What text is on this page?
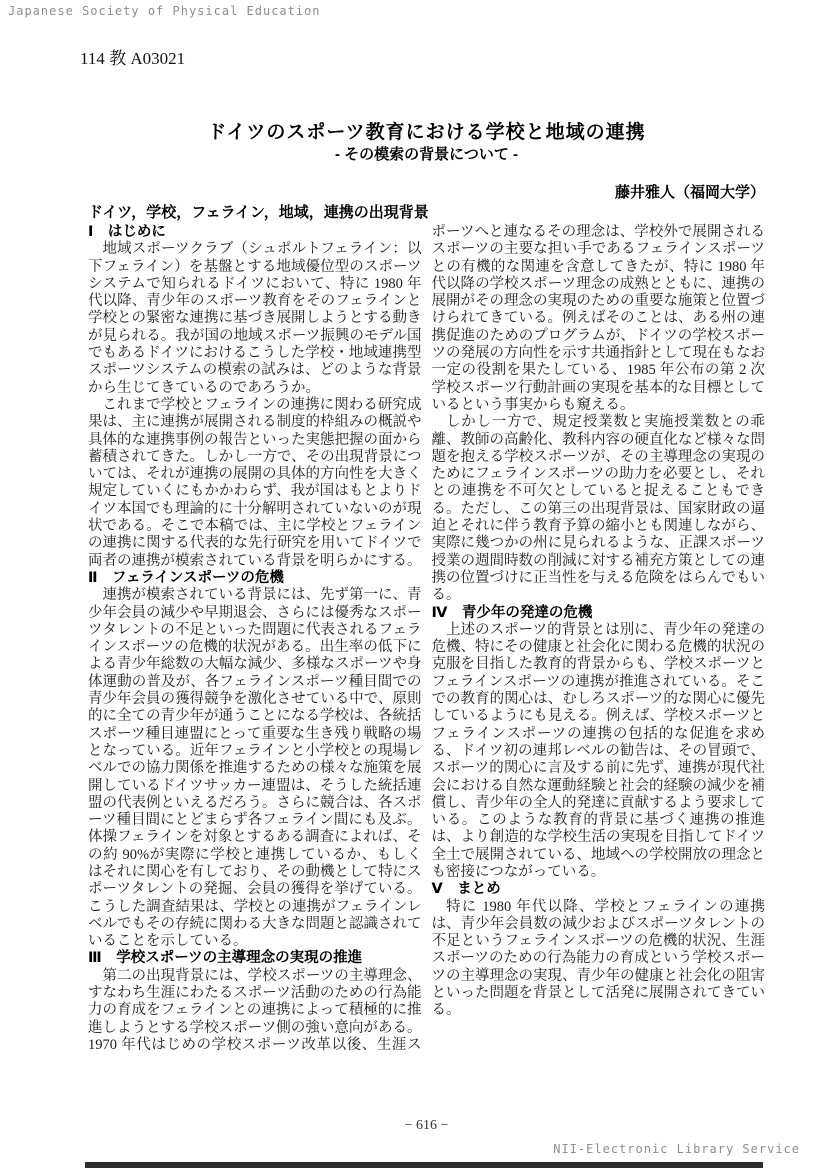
Japanese Society of Physical Education
114 教 A03021
ドイツのスポーツ教育における学校と地域の連携
- その模索の背景について -
藤井雅人（福岡大学）
ドイツ，学校，フェライン，地域，連携の出現背景
Ⅰ　はじめに

地域スポーツクラブ（シュポルトフェライン：以下フェライン）を基盤とする地域優位型のスポーツシステムで知られるドイツにおいて、特に 1980 年代以降、青少年のスポーツ教育をそのフェラインと学校との緊密な連携に基づき展開しようとする動きが見られる。我が国の地域スポーツ振興のモデル国でもあるドイツにおけるこうした学校・地域連携型スポーツシステムの模索の試みは、どのような背景から生じてきているのであろうか。

これまで学校とフェラインの連携に関わる研究成果は、主に連携が展開される制度的枠組みの概説や具体的な連携事例の報告といった実態把握の面から蓄積されてきた。しかし一方で、その出現背景については、それが連携の展開の具体的方向性を大きく規定していくにもかかわらず、我が国はもとよりドイツ本国でも理論的に十分解明されていないのが現状である。そこで本稿では、主に学校とフェラインの連携に関する代表的な先行研究を用いてドイツで両者の連携が模索されている背景を明らかにする。

Ⅱ　フェラインスポーツの危機

連携が模索されている背景には、先ず第一に、青少年会員の減少や早期退会、さらには優秀なスポーツタレントの不足といった問題に代表されるフェラインスポーツの危機的状況がある。出生率の低下による青少年総数の大幅な減少、多様なスポーツや身体運動の普及が、各フェラインスポーツ種目間での青少年会員の獲得競争を激化させている中で、原則的に全ての青少年が通うことになる学校は、各統括スポーツ種目連盟にとって重要な生き残り戦略の場となっている。近年フェラインと小学校との現場レベルでの協力関係を推進するための様々な施策を展開しているドイツサッカー連盟は、そうした統括連盟の代表例といえるだろう。さらに競合は、各スポーツ種目間にとどまらず各フェライン間にも及ぶ。体操フェラインを対象とするある調査によれば、その約 90%が実際に学校と連携しているか、もしくはそれに関心を有しており、その動機として特にスポーツタレントの発掘、会員の獲得を挙げている。こうした調査結果は、学校との連携がフェラインレベルでもその存続に関わる大きな問題と認識されていることを示している。

Ⅲ　学校スポーツの主導理念の実現の推進

第二の出現背景には、学校スポーツの主導理念、すなわち生涯にわたるスポーツ活動のための行為能力の育成をフェラインとの連携によって積極的に推進しようとする学校スポーツ側の強い意向がある。1970 年代はじめの学校スポーツ改革以後、生涯スポーツへと連なるその理念は、学校外で展開されるスポーツの主要な担い手であるフェラインスポーツとの有機的な関連を含意してきたが、特に 1980 年代以降の学校スポーツ理念の成熟とともに、連携の展開がその理念の実現のための重要な施策と位置づけられてきている。例えばそのことは、ある州の連携促進のためのプログラムが、ドイツの学校スポーツの発展の方向性を示す共通指針として現在もなお一定の役割を果たしている、1985 年公布の第 2 次学校スポーツ行動計画の実現を基本的な目標としているという事実からも窺える。

しかし一方で、規定授業数と実施授業数との乖離、教師の高齢化、教科内容の硬直化など様々な問題を抱える学校スポーツが、その主導理念の実現のためにフェラインスポーツの助力を必要とし、それとの連携を不可欠としていると捉えることもできる。ただし、この第三の出現背景は、国家財政の逼迫とそれに伴う教育予算の縮小とも関連しながら、実際に幾つかの州に見られるような、正課スポーツ授業の週間時数の削減に対する補充方策としての連携の位置づけに正当性を与える危険をはらんでもいる。

Ⅳ　青少年の発達の危機

上述のスポーツ的背景とは別に、青少年の発達の危機、特にその健康と社会化に関わる危機的状況の克服を目指した教育的背景からも、学校スポーツとフェラインスポーツの連携が推進されている。そこでの教育的関心は、むしろスポーツ的な関心に優先しているようにも見える。例えば、学校スポーツとフェラインスポーツの連携の包括的な促進を求める、ドイツ初の連邦レベルの勧告は、その冒頭で、スポーツ的関心に言及する前に先ず、連携が現代社会における自然な運動経験と社会的経験の減少を補償し、青少年の全人的発達に貢献するよう要求している。このような教育的背景に基づく連携の推進は、より創造的な学校生活の実現を目指してドイツ全土で展開されている、地域への学校開放の理念とも密接につながっている。

Ⅴ　まとめ

特に 1980 年代以降、学校とフェラインの連携は、青少年会員数の減少およびスポーツタレントの不足というフェラインスポーツの危機的状況、生涯スポーツのための行為能力の育成という学校スポーツの主導理念の実現、青少年の健康と社会化の阻害といった問題を背景として活発に展開されてきている。

− 616 −
NII-Electronic Library Service
